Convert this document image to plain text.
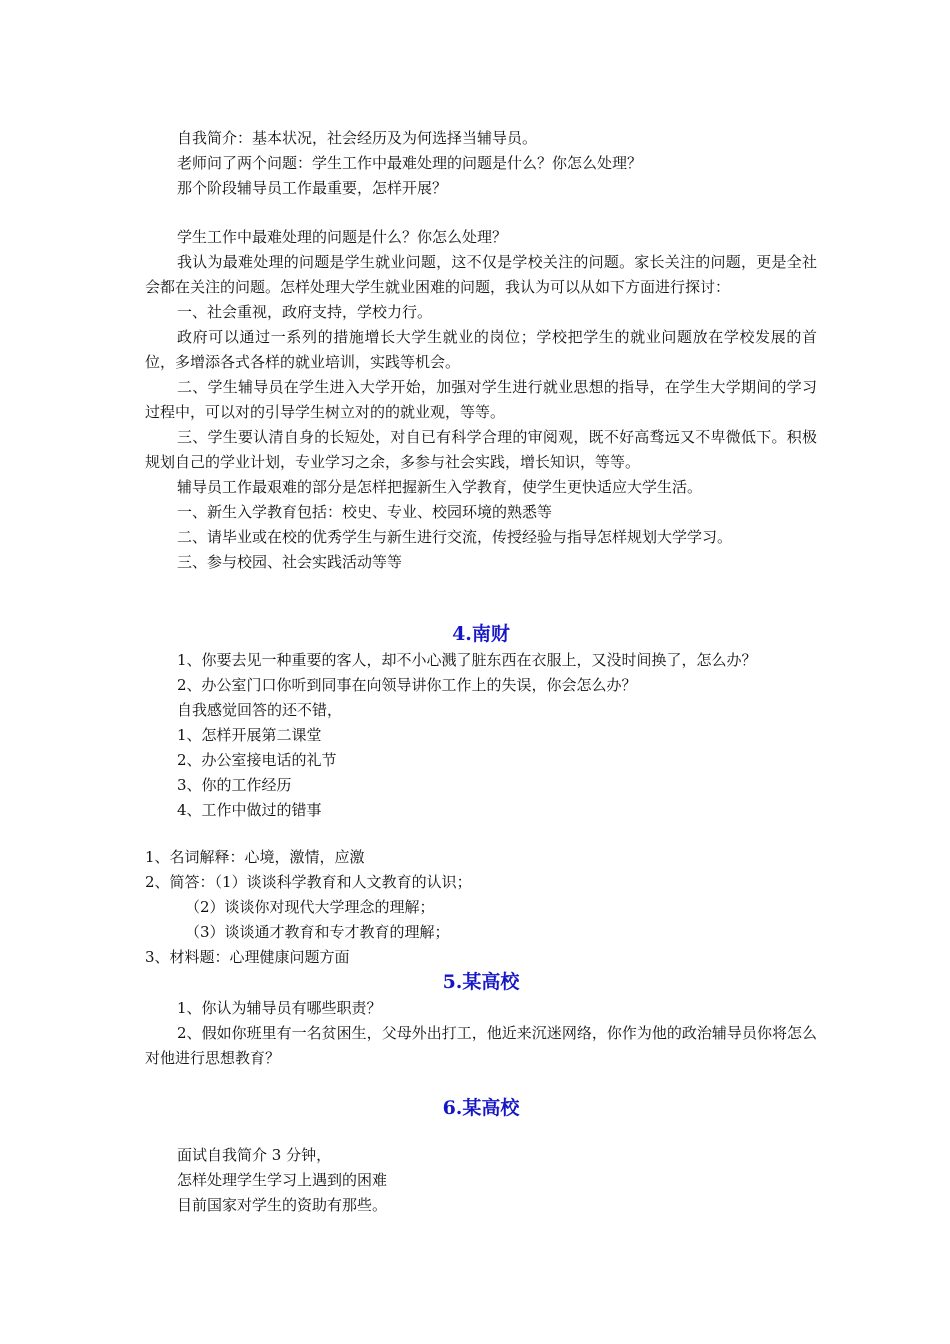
自我简介：基本状况，社会经历及为何选择当辅导员。

老师问了两个问题：学生工作中最难处理的问题是什么？你怎么处理？

那个阶段辅导员工作最重要，怎样开展？

学生工作中最难处理的问题是什么？你怎么处理？

我认为最难处理的问题是学生就业问题，这不仅是学校关注的问题。家长关注的问题，更是全社会都在关注的问题。怎样处理大学生就业困难的问题，我认为可以从如下方面进行探讨：

一、社会重视，政府支持，学校力行。

政府可以通过一系列的措施增长大学生就业的岗位；学校把学生的就业问题放在学校发展的首位，多增添各式各样的就业培训，实践等机会。

二、学生辅导员在学生进入大学开始，加强对学生进行就业思想的指导，在学生大学期间的学习过程中，可以对的引导学生树立对的的就业观，等等。

三、学生要认清自身的长短处，对自已有科学合理的审阅观，既不好高骛远又不卑微低下。积极规划自己的学业计划，专业学习之余，多参与社会实践，增长知识，等等。

辅导员工作最艰难的部分是怎样把握新生入学教育，使学生更快适应大学生活。

一、新生入学教育包括：校史、专业、校园环境的熟悉等

二、请毕业或在校的优秀学生与新生进行交流，传授经验与指导怎样规划大学学习。

三、参与校园、社会实践活动等等

4.南财

1、你要去见一种重要的客人，却不小心溅了脏东西在衣服上，又没时间换了，怎么办？

2、办公室门口你听到同事在向领导讲你工作上的失误，你会怎么办？

自我感觉回答的还不错，

1、怎样开展第二课堂

2、办公室接电话的礼节

3、你的工作经历

4、工作中做过的错事

1、名词解释：心境，激情，应激

2、简答：（1）谈谈科学教育和人文教育的认识；

（2）谈谈你对现代大学理念的理解；

（3）谈谈通才教育和专才教育的理解；

3、材料题：心理健康问题方面

5.某高校

1、你认为辅导员有哪些职责？

2、假如你班里有一名贫困生，父母外出打工，他近来沉迷网络，你作为他的政治辅导员你将怎么对他进行思想教育？

6.某高校

面试自我简介 3 分钟，

怎样处理学生学习上遇到的困难

目前国家对学生的资助有那些。
